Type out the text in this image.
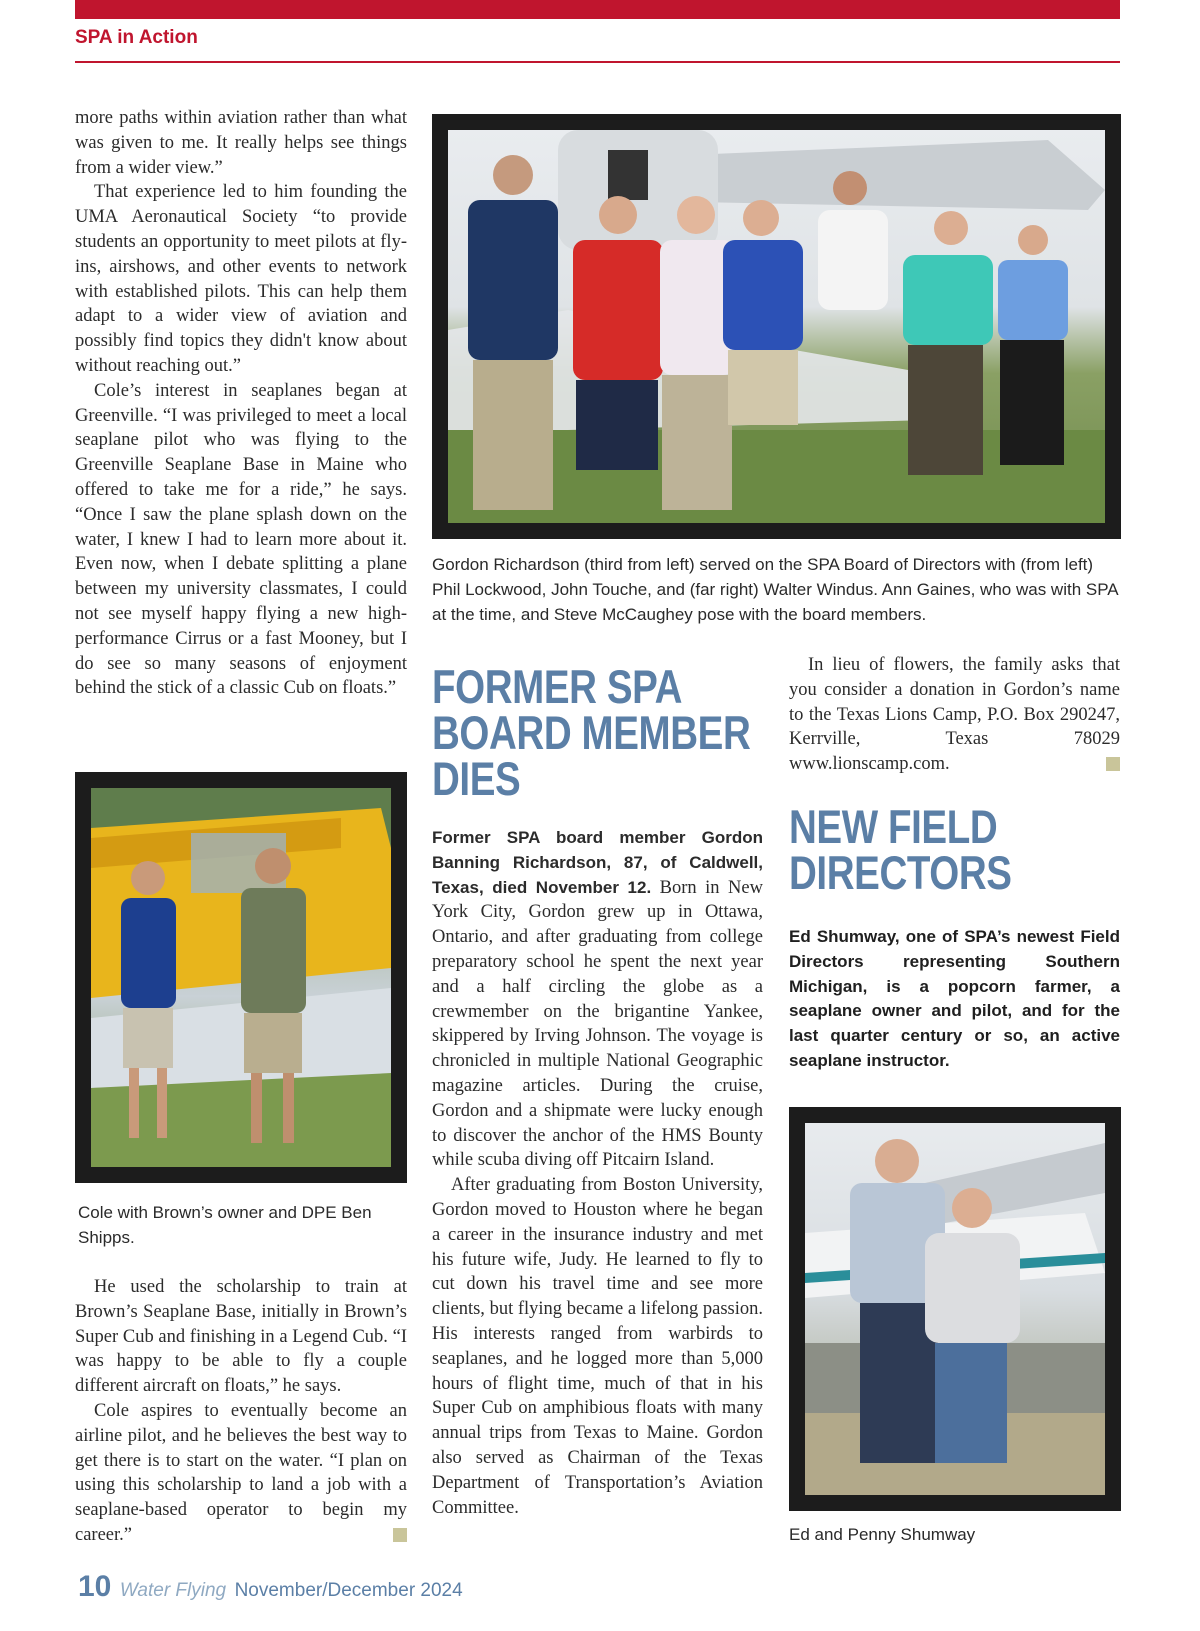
SPA in Action

more paths within aviation rather than what was given to me. It really helps see things from a wider view.”

That experience led to him founding the UMA Aeronautical Society “to provide students an opportunity to meet pilots at fly-ins, airshows, and other events to network with established pilots. This can help them adapt to a wider view of aviation and possibly find topics they didn't know about without reaching out.”

Cole’s interest in seaplanes began at Greenville. “I was privileged to meet a local seaplane pilot who was flying to the Greenville Seaplane Base in Maine who offered to take me for a ride,” he says. “Once I saw the plane splash down on the water, I knew I had to learn more about it. Even now, when I debate splitting a plane between my university classmates, I could not see myself happy flying a new high-performance Cirrus or a fast Mooney, but I do see so many seasons of enjoyment behind the stick of a classic Cub on floats.”

Cole with Brown’s owner and DPE Ben Shipps.

He used the scholarship to train at Brown’s Seaplane Base, initially in Brown’s Super Cub and finishing in a Legend Cub. “I was happy to be able to fly a couple different aircraft on floats,” he says.

Cole aspires to eventually become an airline pilot, and he believes the best way to get there is to start on the water. “I plan on using this scholarship to land a job with a seaplane-based operator to begin my career.”

Gordon Richardson (third from left) served on the SPA Board of Directors with (from left) Phil Lockwood, John Touche, and (far right) Walter Windus. Ann Gaines, who was with SPA at the time, and Steve McCaughey pose with the board members.
FORMER SPA
BOARD MEMBER
DIES

Former SPA board member Gordon Banning Richardson, 87, of Caldwell, Texas, died November 12. Born in New York City, Gordon grew up in Ottawa, Ontario, and after graduating from college preparatory school he spent the next year and a half circling the globe as a crewmember on the brigantine Yankee, skippered by Irving Johnson. The voyage is chronicled in multiple National Geographic magazine articles. During the cruise, Gordon and a shipmate were lucky enough to discover the anchor of the HMS Bounty while scuba diving off Pitcairn Island.

After graduating from Boston University, Gordon moved to Houston where he began a career in the insurance industry and met his future wife, Judy. He learned to fly to cut down his travel time and see more clients, but flying became a lifelong passion. His interests ranged from warbirds to seaplanes, and he logged more than 5,000 hours of flight time, much of that in his Super Cub on amphibious floats with many annual trips from Texas to Maine. Gordon also served as Chairman of the Texas Department of Transportation’s Aviation Committee.

In lieu of flowers, the family asks that you consider a donation in Gordon’s name to the Texas Lions Camp, P.O. Box 290247, Kerrville, Texas 78029 www.lionscamp.com.

NEW FIELD
DIRECTORS
Ed Shumway, one of SPA’s newest Field Directors representing Southern Michigan, is a popcorn farmer, a seaplane owner and pilot, and for the last quarter century or so, an active seaplane instructor.
Ed and Penny Shumway
10 Water Flying November/December 2024
